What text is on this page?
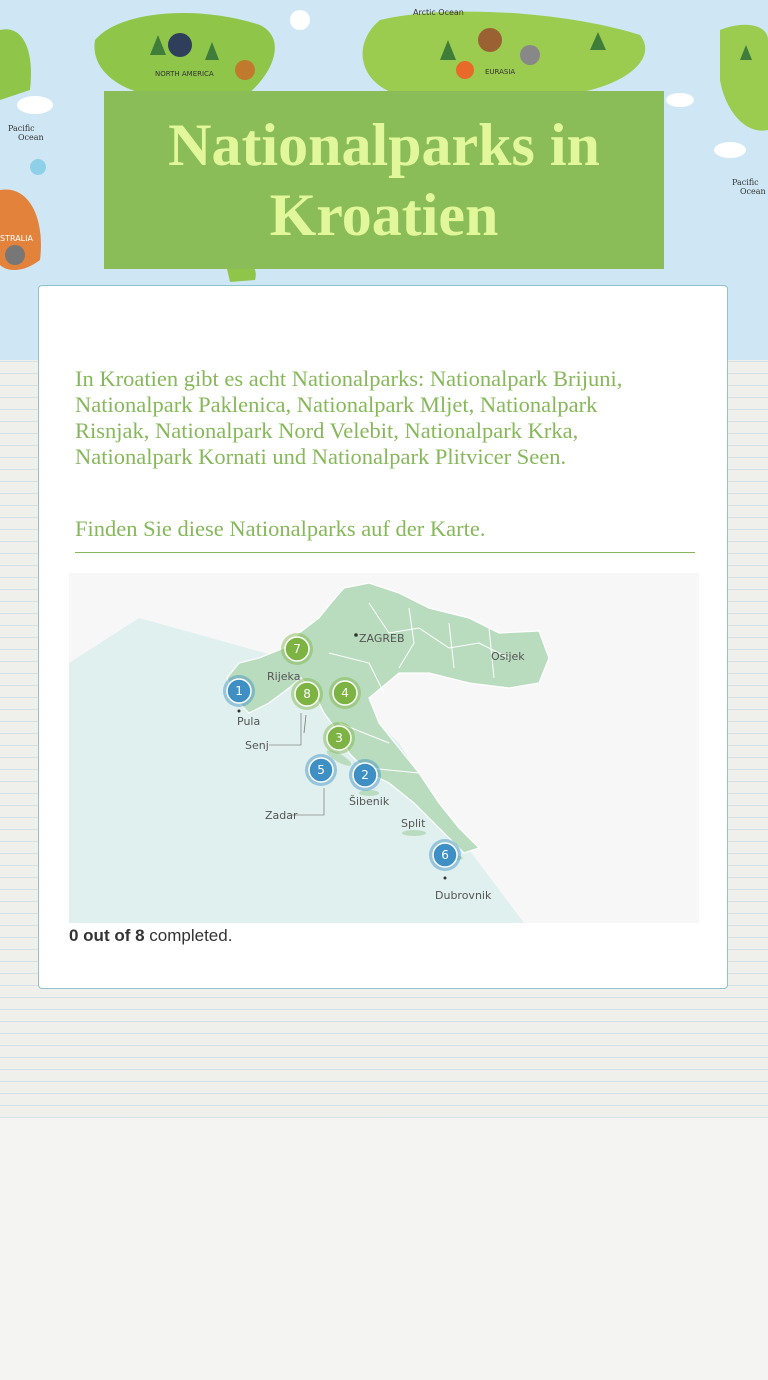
Arctic Ocean
NORTH AMERICA	EURASIA
Pacific
Ocean
Pacific
Ocean
STRALIA
Nationalparks in Kroatien

In Kroatien gibt es acht Nationalparks: Nationalpark Brijuni, Nationalpark Paklenica, Nationalpark Mljet, Nationalpark Risnjak, Nationalpark Nord Velebit, Nationalpark Krka, Nationalpark Kornati und Nationalpark Plitvicer Seen.

Finden Sie diese Nationalparks auf der Karte.

ZAGREB
Osijek
Rijeka
Pula
Senj
Šibenik
Zadar
Split
Dubrovnik
1
2
3
4
5
6
7
8
0 out of 8 completed.
